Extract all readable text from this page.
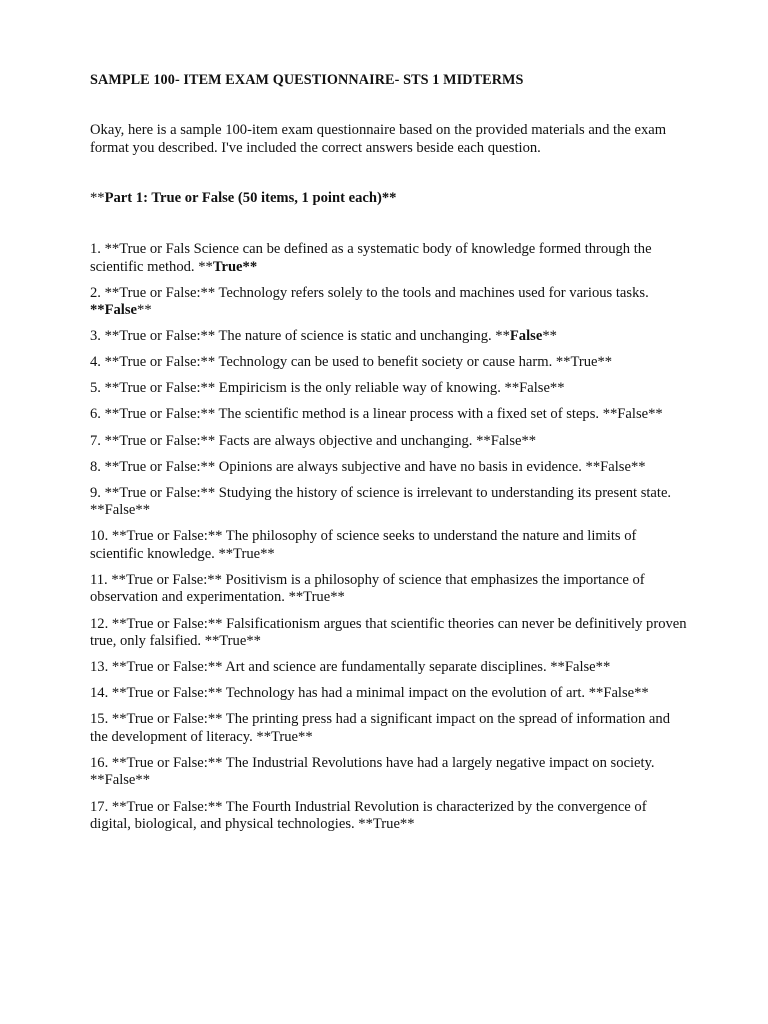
SAMPLE 100- ITEM EXAM QUESTIONNAIRE- STS 1 MIDTERMS

Okay, here is a sample 100-item exam questionnaire based on the provided materials and the exam format you described. I've included the correct answers beside each question.

**Part 1: True or False (50 items, 1 point each)**

1. **True or Fals Science can be defined as a systematic body of knowledge formed through the scientific method. **True**
2. **True or False:** Technology refers solely to the tools and machines used for various tasks. **False**
3. **True or False:** The nature of science is static and unchanging. **False**
4. **True or False:** Technology can be used to benefit society or cause harm. **True**
5. **True or False:** Empiricism is the only reliable way of knowing. **False**
6. **True or False:** The scientific method is a linear process with a fixed set of steps. **False**
7. **True or False:** Facts are always objective and unchanging. **False**
8. **True or False:** Opinions are always subjective and have no basis in evidence. **False**
9. **True or False:** Studying the history of science is irrelevant to understanding its present state. **False**
10. **True or False:** The philosophy of science seeks to understand the nature and limits of scientific knowledge. **True**
11. **True or False:** Positivism is a philosophy of science that emphasizes the importance of observation and experimentation. **True**
12. **True or False:** Falsificationism argues that scientific theories can never be definitively proven true, only falsified. **True**
13. **True or False:** Art and science are fundamentally separate disciplines. **False**
14. **True or False:** Technology has had a minimal impact on the evolution of art. **False**
15. **True or False:** The printing press had a significant impact on the spread of information and the development of literacy. **True**
16. **True or False:** The Industrial Revolutions have had a largely negative impact on society. **False**
17. **True or False:** The Fourth Industrial Revolution is characterized by the convergence of digital, biological, and physical technologies. **True**
